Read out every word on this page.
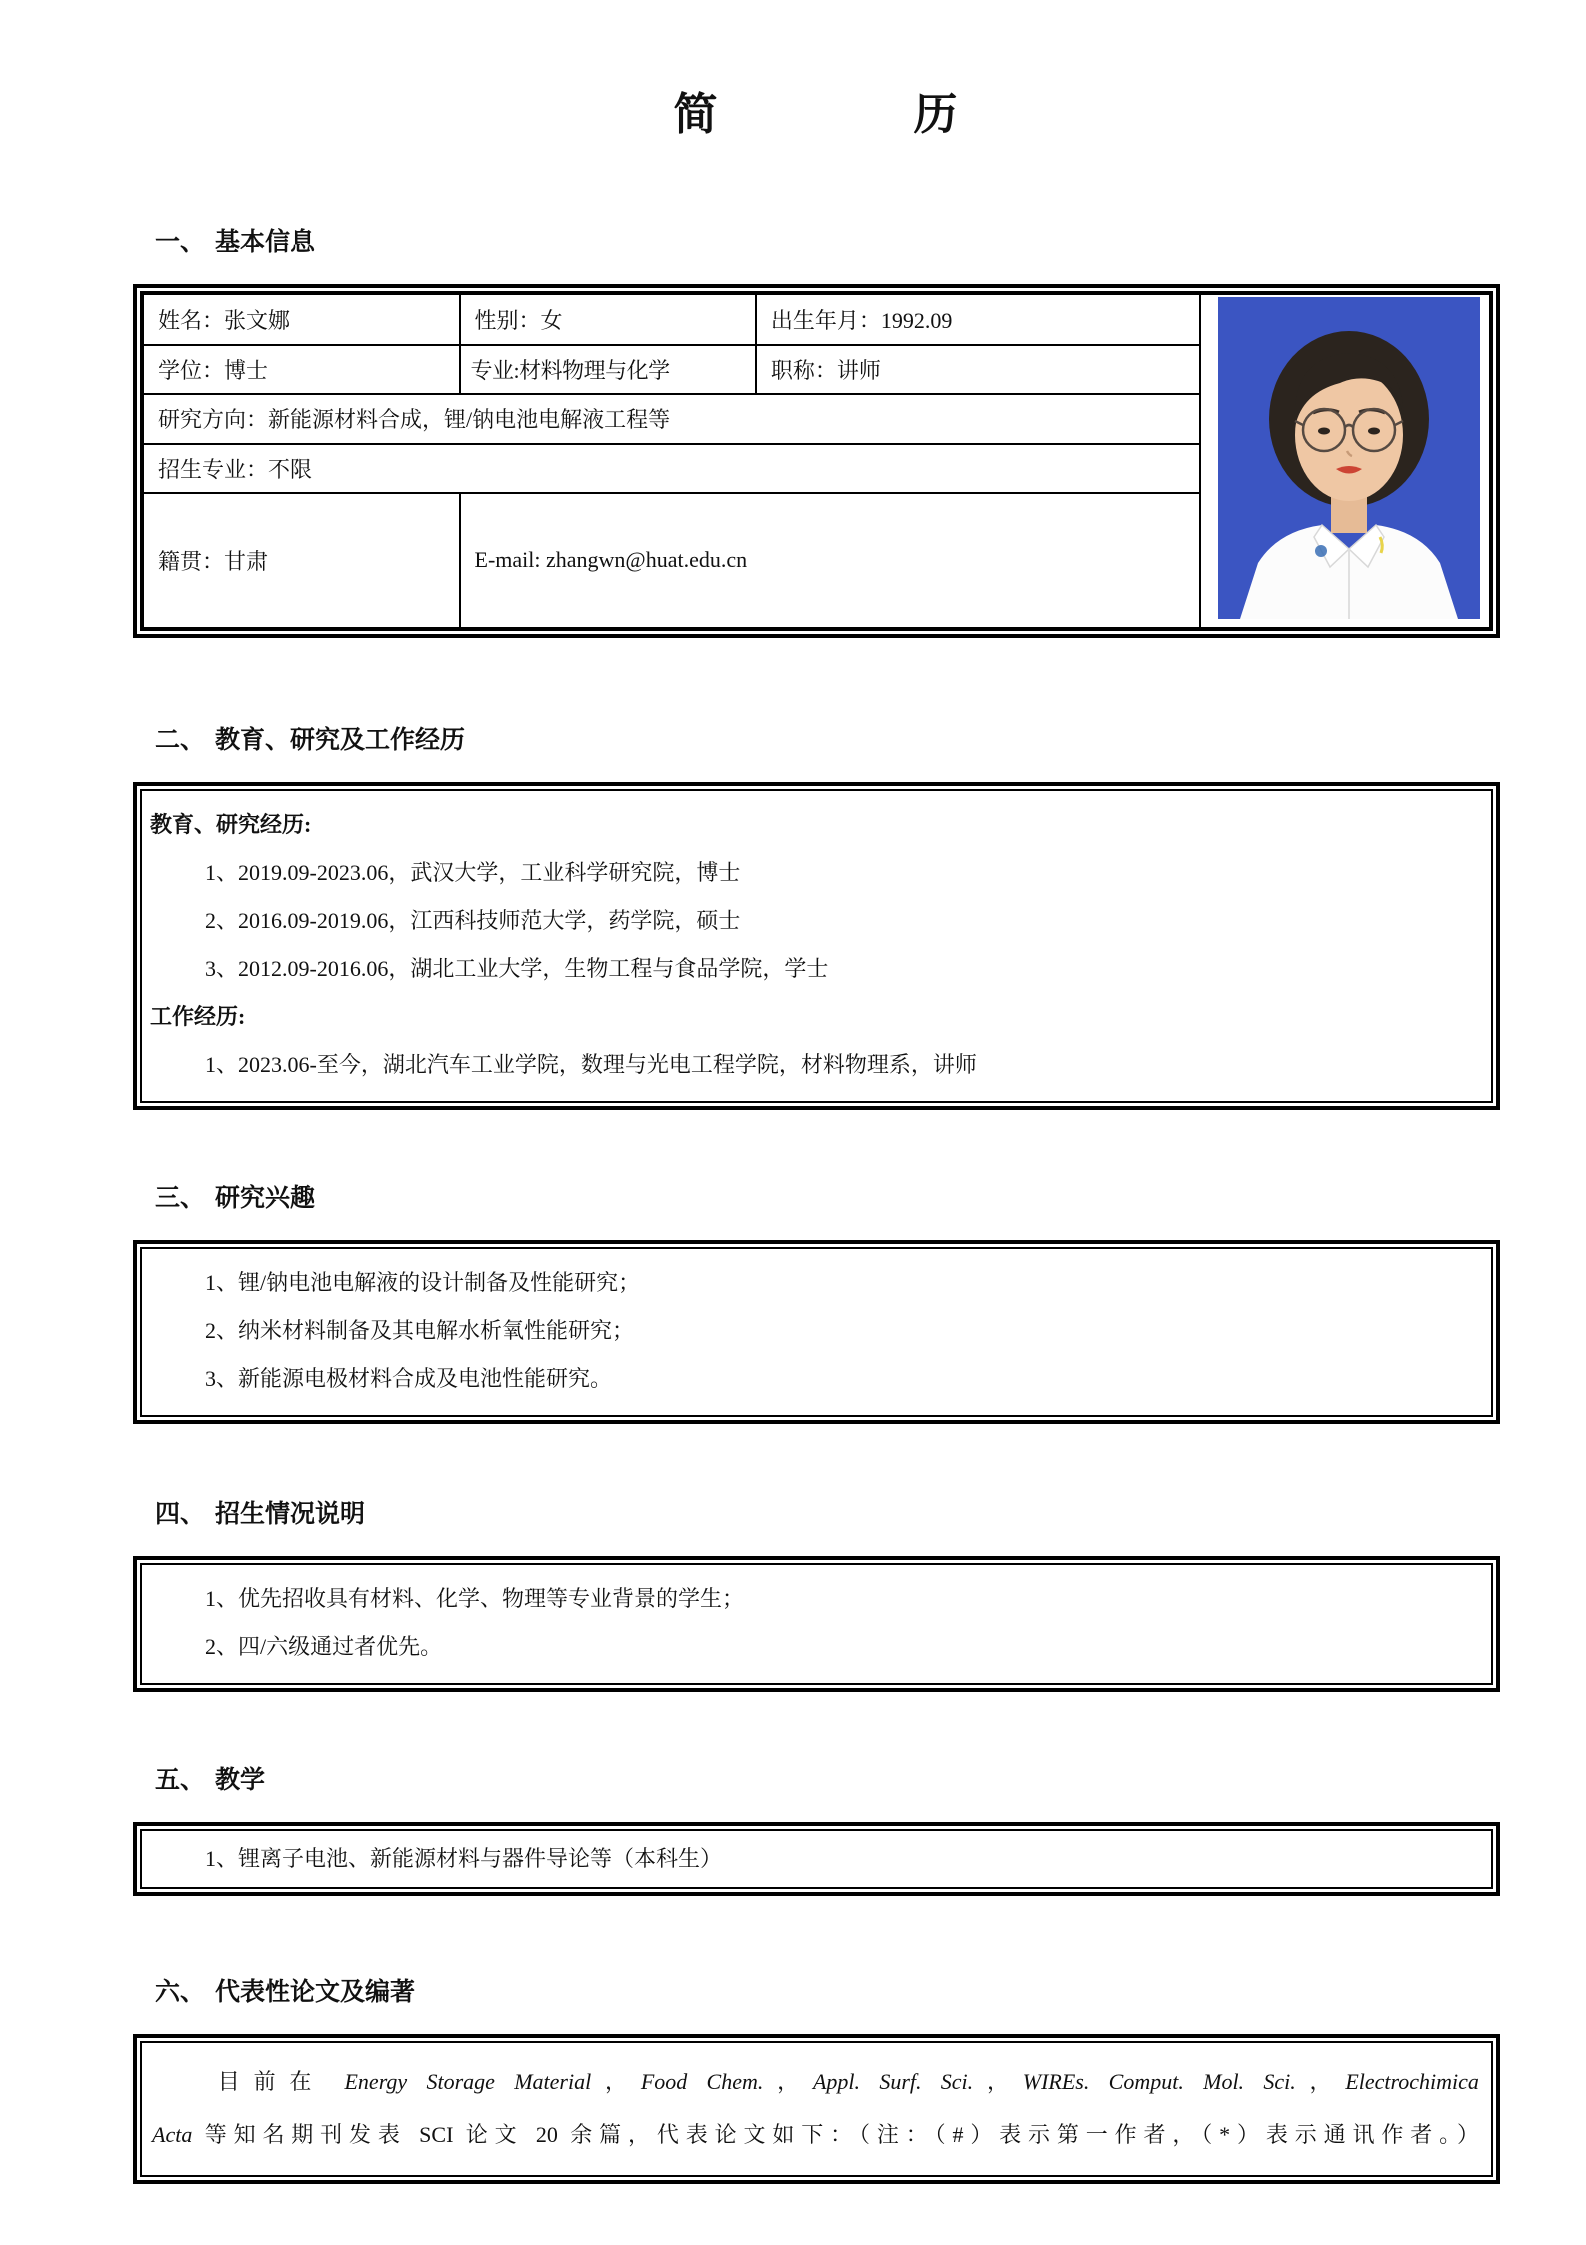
简	历
一、 基本信息
姓名：张文娜	性别：女	出生年月：1992.09	
学位：博士	专业:材料物理与化学	职称：讲师	
研究方向：新能源材料合成，锂/钠电池电解液工程等			
招生专业：不限			
籍贯：甘肃	E-mail: zhangwn@huat.edu.cn		
二、 教育、研究及工作经历
教育、研究经历:
1、2019.09-2023.06，武汉大学，工业科学研究院，博士
2、2016.09-2019.06，江西科技师范大学，药学院，硕士
3、2012.09-2016.06，湖北工业大学，生物工程与食品学院，学士
工作经历:
1、2023.06-至今，湖北汽车工业学院，数理与光电工程学院，材料物理系，讲师
三、 研究兴趣
1、锂/钠电池电解液的设计制备及性能研究；
2、纳米材料制备及其电解水析氧性能研究；
3、新能源电极材料合成及电池性能研究。
四、 招生情况说明
1、优先招收具有材料、化学、物理等专业背景的学生；
2、四/六级通过者优先。
五、 教学
1、锂离子电池、新能源材料与器件导论等（本科生）
六、 代表性论文及编著
目前在 Energy Storage Material，Food Chem.，Appl. Surf. Sci.，WIREs. Comput. Mol. Sci.，Electrochimica
Acta 等知名期刊发表 SCI 论文 20 余篇，代表论文如下：（注：（#）表示第一作者，（*）表示通讯作者。）
